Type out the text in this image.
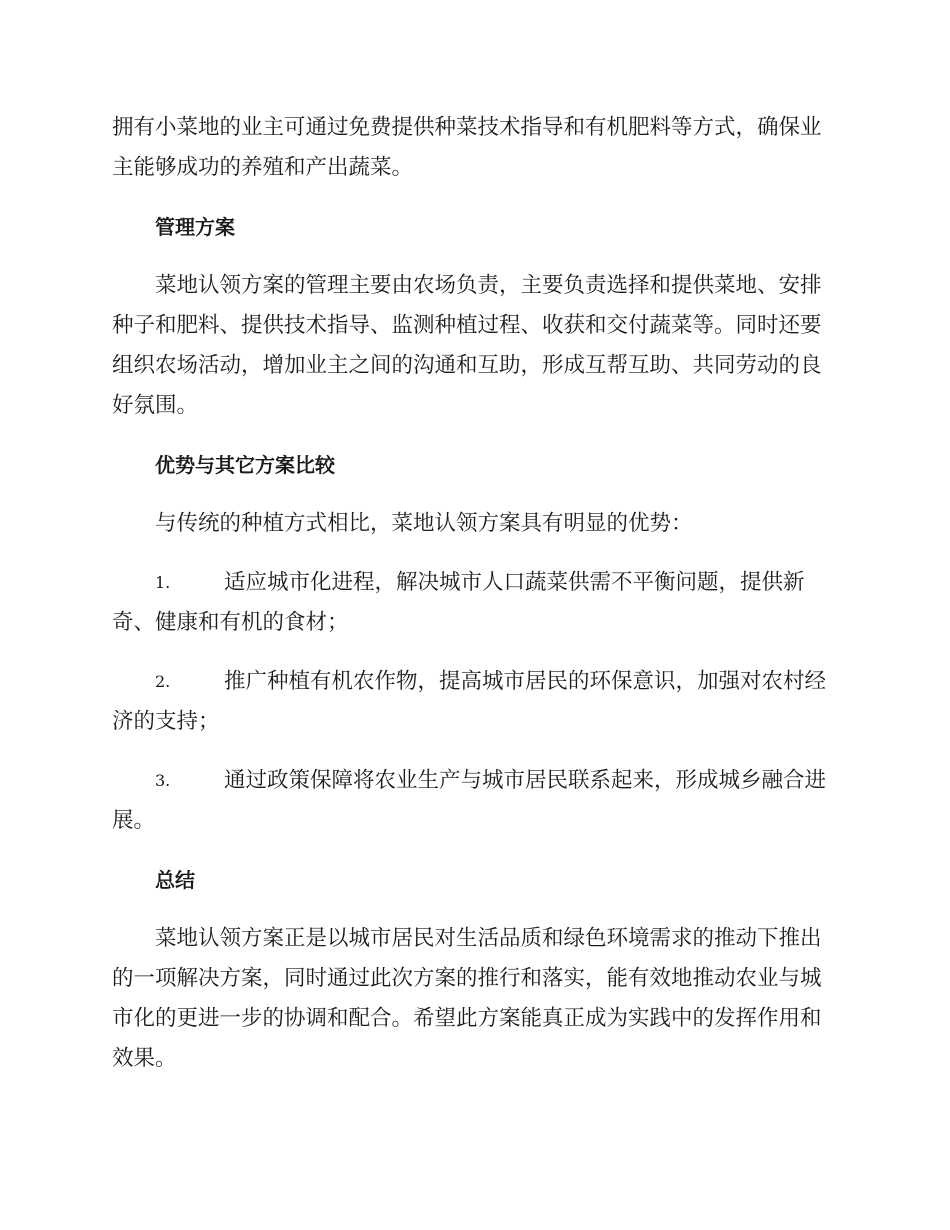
拥有小菜地的业主可通过免费提供种菜技术指导和有机肥料等方式，确保业主能够成功的养殖和产出蔬菜。

管理方案

菜地认领方案的管理主要由农场负责，主要负责选择和提供菜地、安排种子和肥料、提供技术指导、监测种植过程、收获和交付蔬菜等。同时还要组织农场活动，增加业主之间的沟通和互助，形成互帮互助、共同劳动的良好氛围。

优势与其它方案比较

与传统的种植方式相比，菜地认领方案具有明显的优势：

1. 适应城市化进程，解决城市人口蔬菜供需不平衡问题，提供新奇、健康和有机的食材；

2. 推广种植有机农作物，提高城市居民的环保意识，加强对农村经济的支持；

3. 通过政策保障将农业生产与城市居民联系起来，形成城乡融合进展。

总结

菜地认领方案正是以城市居民对生活品质和绿色环境需求的推动下推出的一项解决方案，同时通过此次方案的推行和落实，能有效地推动农业与城市化的更进一步的协调和配合。希望此方案能真正成为实践中的发挥作用和效果。
